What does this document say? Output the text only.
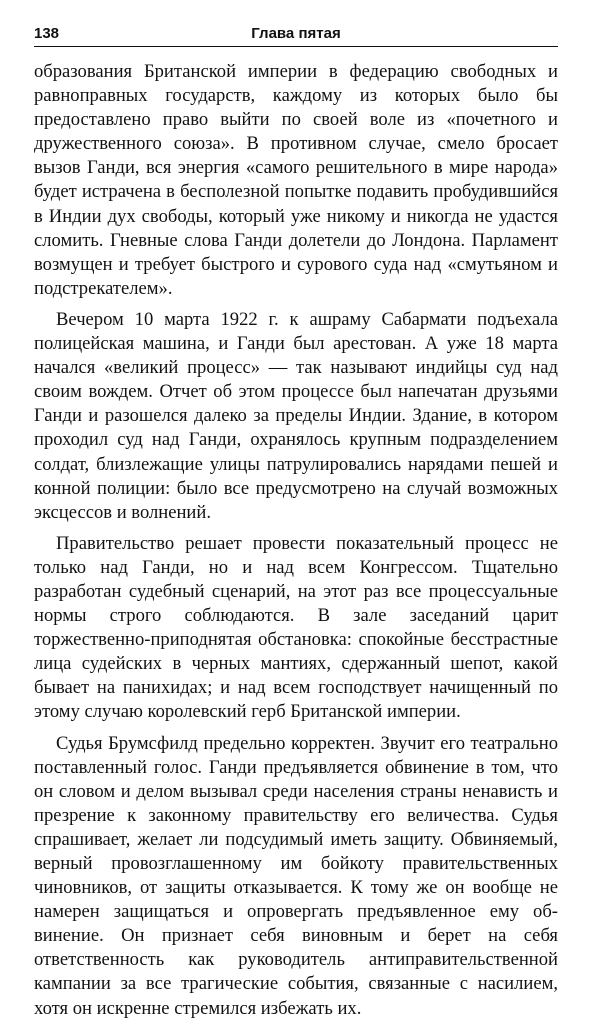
138	Глава пятая

образования Британской империи в федерацию свободных и равноправных государств, каждому из которых было бы предоставлено право выйти по своей воле из «почетного и дружественного союза». В противном случае, смело бросает вызов Ганди, вся энергия «самого решительного в мире народа» будет истрачена в бесполезной попытке подавить пробудившийся в Индии дух свободы, который уже никому и никогда не удастся сломить. Гневные слова Ганди долетели до Лондона. Парламент возмущен и требует быстрого и сурового суда над «смутьяном и подстрекателем».

Вечером 10 марта 1922 г. к ашраму Сабармати подъехала полицейская машина, и Ганди был арестован. А уже 18 марта начался «великий процесс» — так называют индийцы суд над своим вождем. Отчет об этом процессе был напечатан друзьями Ганди и разошелся далеко за пределы Индии. Здание, в котором проходил суд над Ганди, охранялось крупным подразделением солдат, близлежащие улицы патрулировались нарядами пешей и конной полиции: было все предусмотрено на случай возможных эксцессов и волнений.

Правительство решает провести показательный процесс не только над Ганди, но и над всем Конгрессом. Тщательно разработан судебный сценарий, на этот раз все процессуальные нормы строго соблюдаются. В зале заседаний царит торжественно-приподнятая обстановка: спокойные бесстрастные лица судейских в черных мантиях, сдержанный шепот, какой бывает на панихидах; и над всем господствует начищенный по этому случаю королевский герб Британской империи.

Судья Брумсфилд предельно корректен. Звучит его театрально поставленный голос. Ганди предъявляется обвинение в том, что он словом и делом вызывал среди населения страны ненависть и презрение к законному правительству его величества. Судья спрашивает, желает ли подсудимый иметь защиту. Обвиняемый, верный провозглашенному им бойкоту правительственных чиновников, от защиты отказывается. К тому же он вообще не намерен защищаться и опровергать предъявленное ему обвинение. Он признает себя виновным и берет на себя ответственность как руководитель антиправительственной кампании за все трагические события, связанные с насилием, хотя он искренне стремился избежать их.
